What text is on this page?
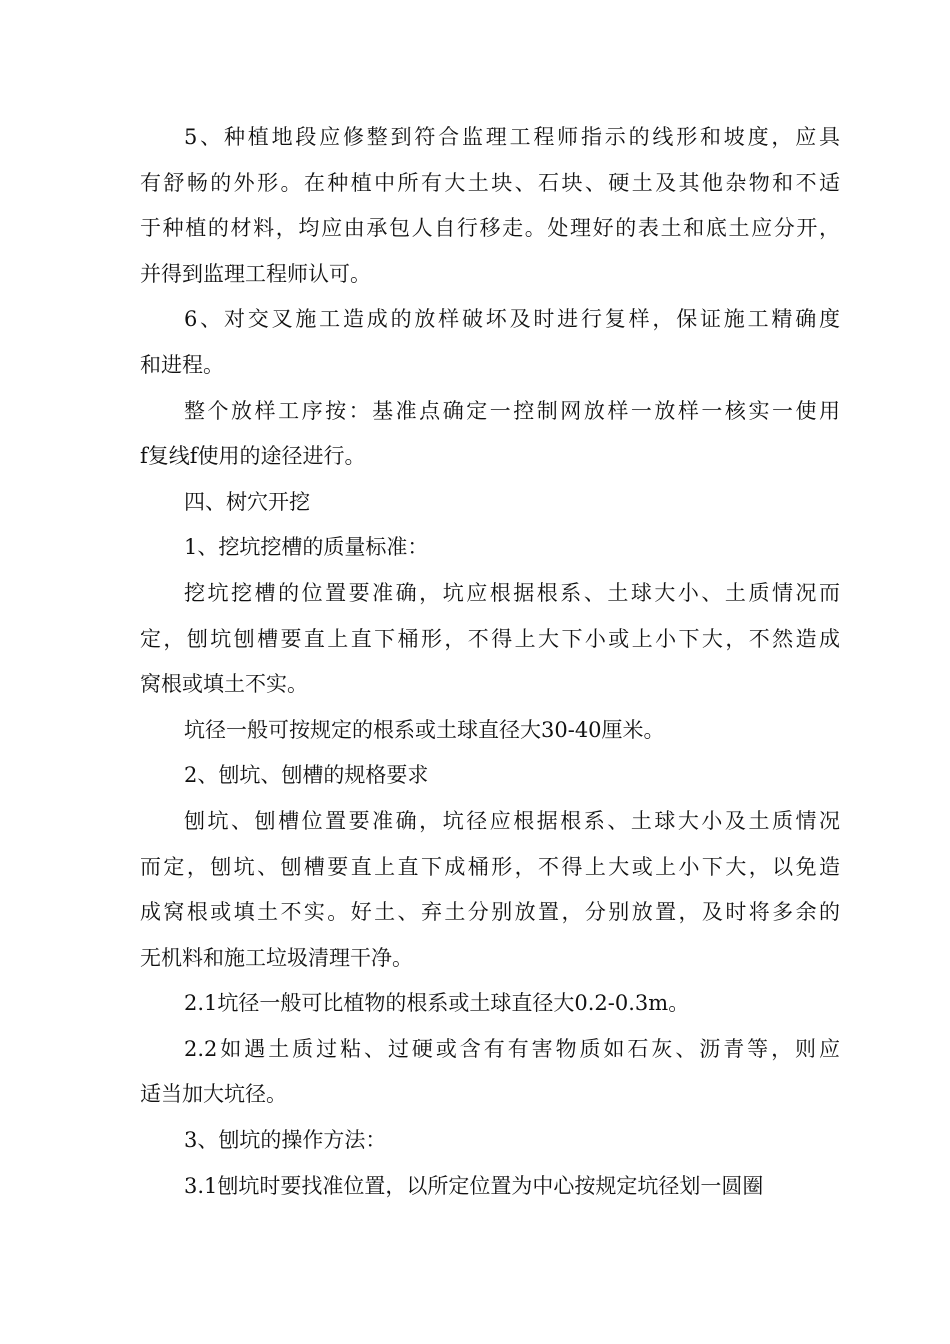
5、种植地段应修整到符合监理工程师指示的线形和坡度，应具
有舒畅的外形。在种植中所有大土块、石块、硬土及其他杂物和不适
于种植的材料，均应由承包人自行移走。处理好的表土和底土应分开，
并得到监理工程师认可。
6、对交叉施工造成的放样破坏及时进行复样，保证施工精确度
和进程。
整个放样工序按：基准点确定一控制网放样一放样一核实一使用
f复线f使用的途径进行。
四、树穴开挖
1、挖坑挖槽的质量标准：
挖坑挖槽的位置要准确，坑应根据根系、土球大小、土质情况而
定，刨坑刨槽要直上直下桶形，不得上大下小或上小下大，不然造成
窝根或填土不实。
坑径一般可按规定的根系或土球直径大30-40厘米。
2、刨坑、刨槽的规格要求
刨坑、刨槽位置要准确，坑径应根据根系、土球大小及土质情况
而定，刨坑、刨槽要直上直下成桶形，不得上大或上小下大，以免造
成窝根或填土不实。好土、弃土分别放置，分别放置，及时将多余的
无机料和施工垃圾清理干净。
2.1坑径一般可比植物的根系或土球直径大0.2-0.3m。
2.2如遇土质过粘、过硬或含有有害物质如石灰、沥青等，则应
适当加大坑径。
3、刨坑的操作方法：
3.1刨坑时要找准位置，以所定位置为中心按规定坑径划一圆圈
